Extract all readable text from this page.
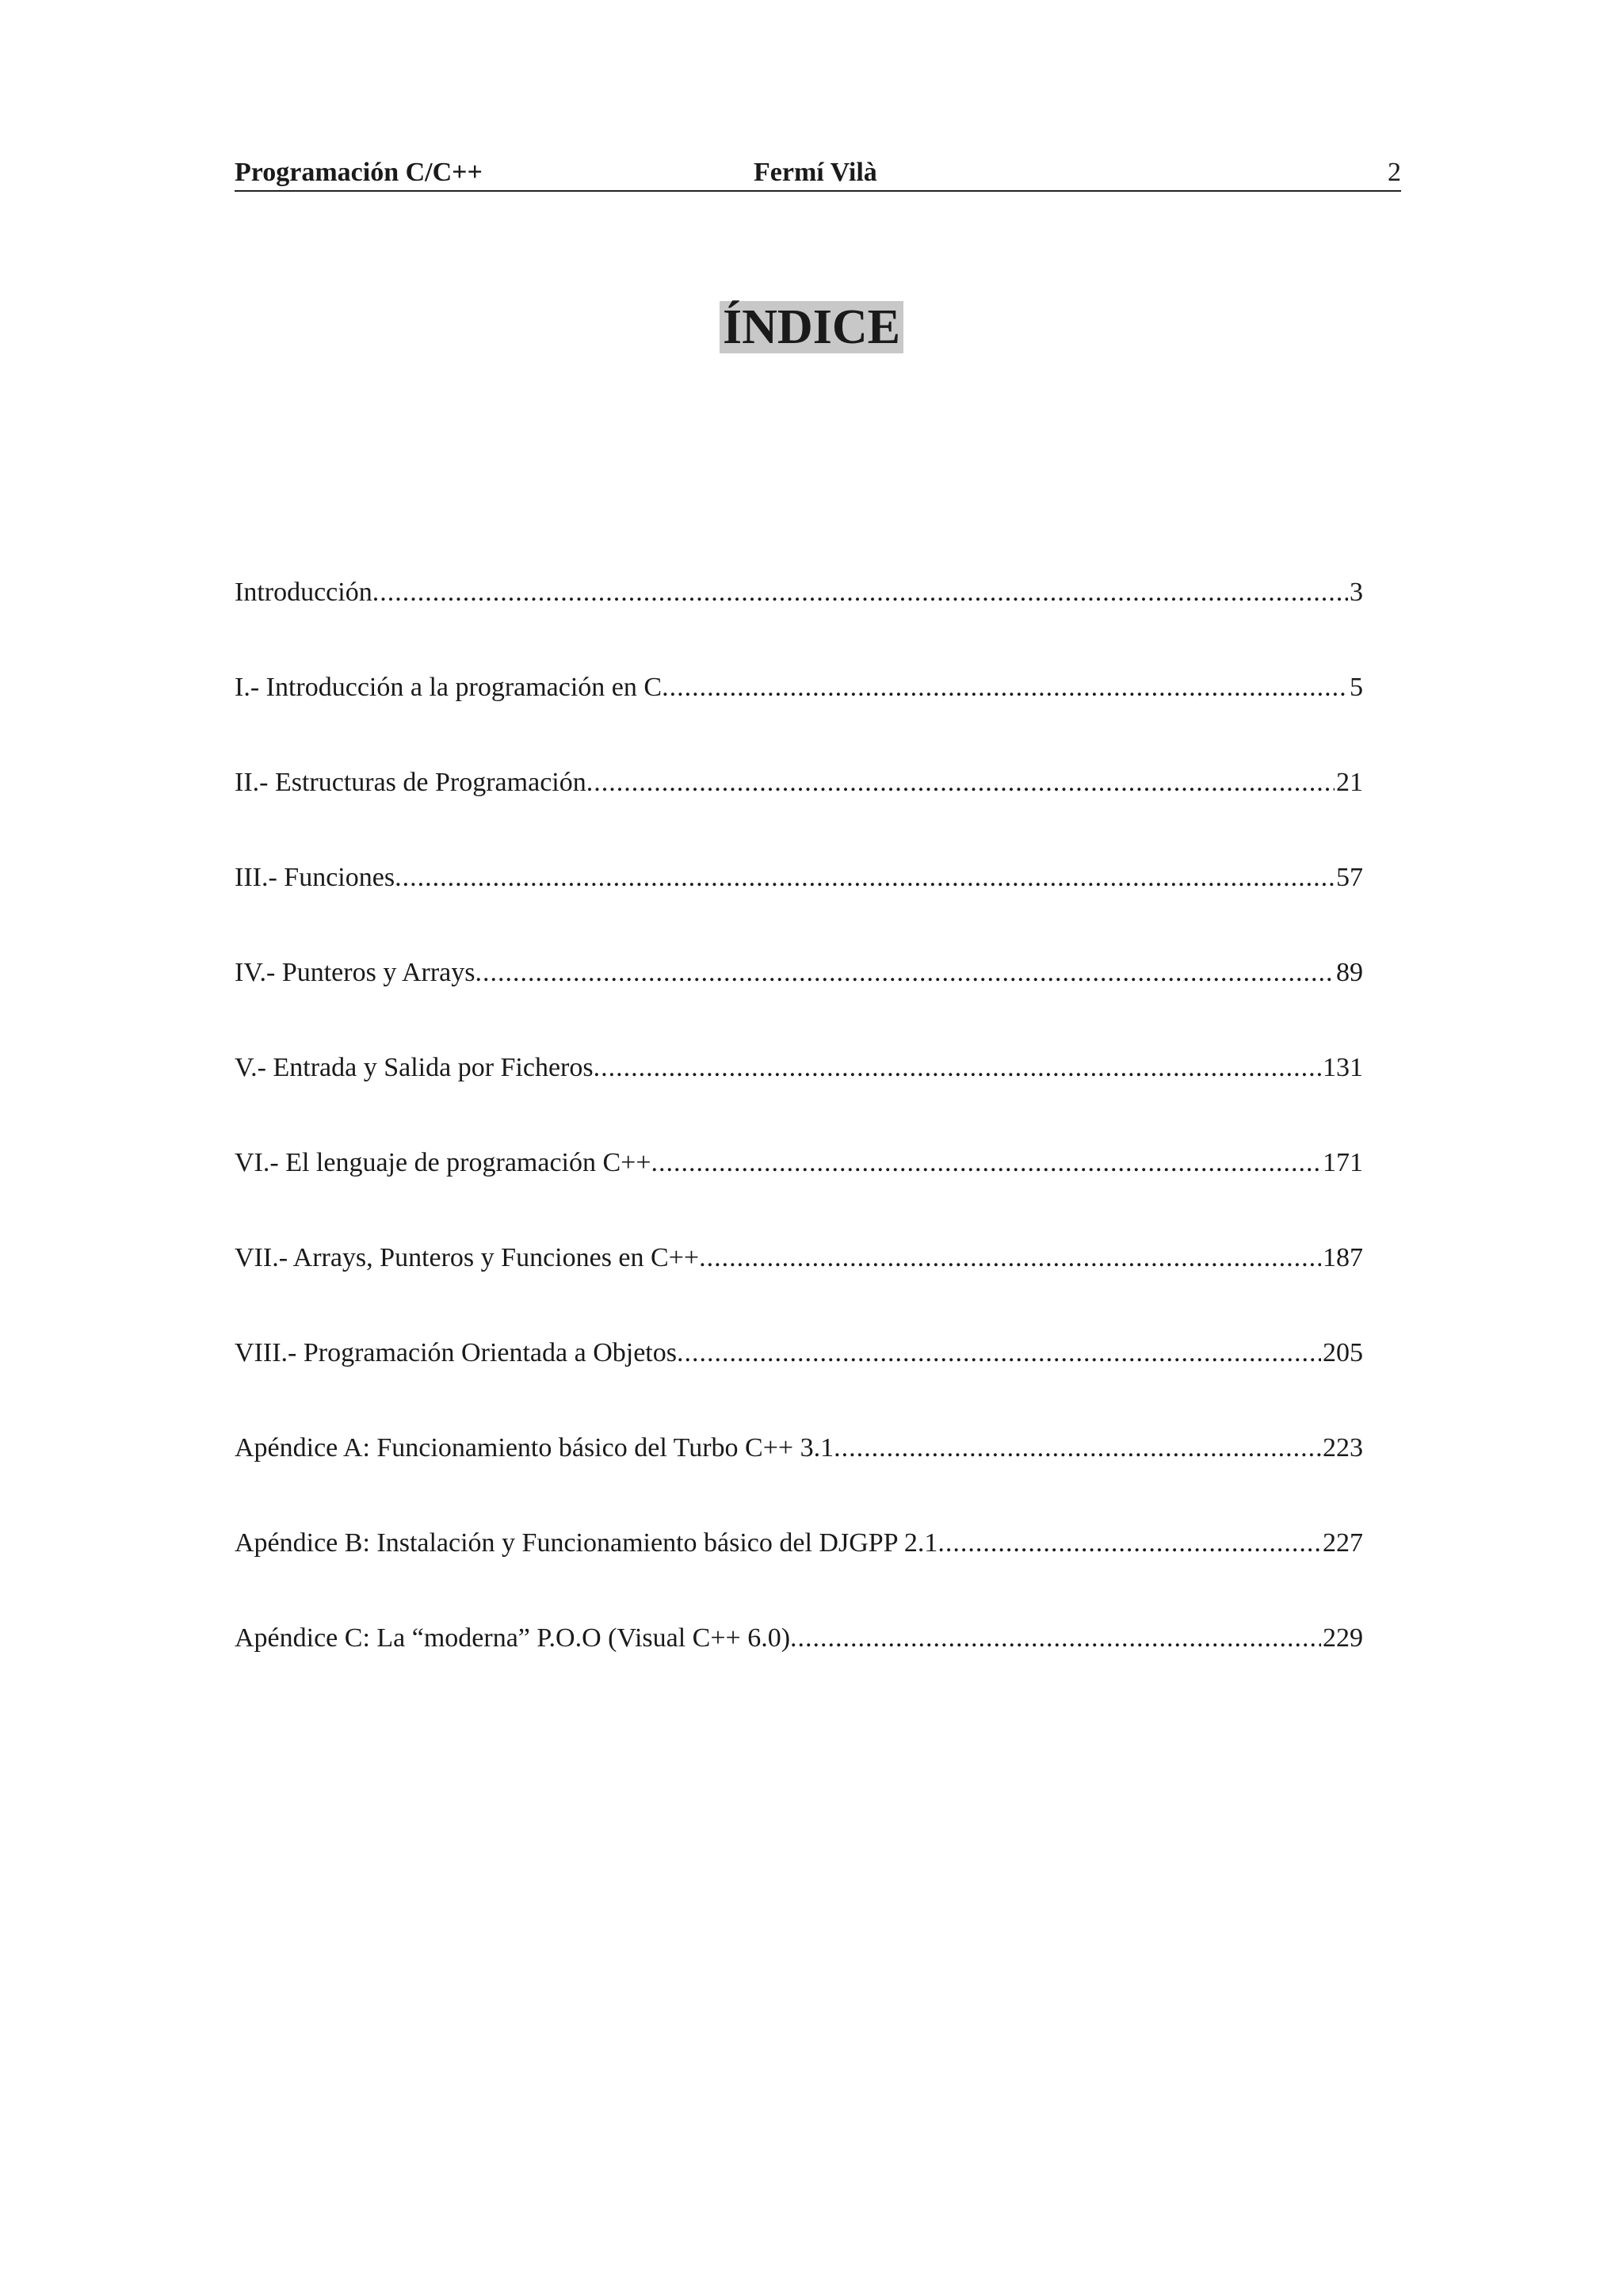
Programación C/C++	Fermí Vilà	2
ÍNDICE
Introducción .....	3
I.- Introducción a la programación en C .....	5
II.- Estructuras de Programación .....	21
III.- Funciones .....	57
IV.- Punteros y Arrays .....	89
V.- Entrada y Salida por Ficheros .....	131
VI.- El lenguaje de programación C++ .....	171
VII.- Arrays, Punteros y Funciones en C++ .....	187
VIII.- Programación Orientada a Objetos .....	205
Apéndice A: Funcionamiento básico del Turbo C++ 3.1 .....	223
Apéndice B: Instalación y Funcionamiento básico del DJGPP 2.1 .....	227
Apéndice C: La “moderna” P.O.O (Visual C++ 6.0) .....	229
